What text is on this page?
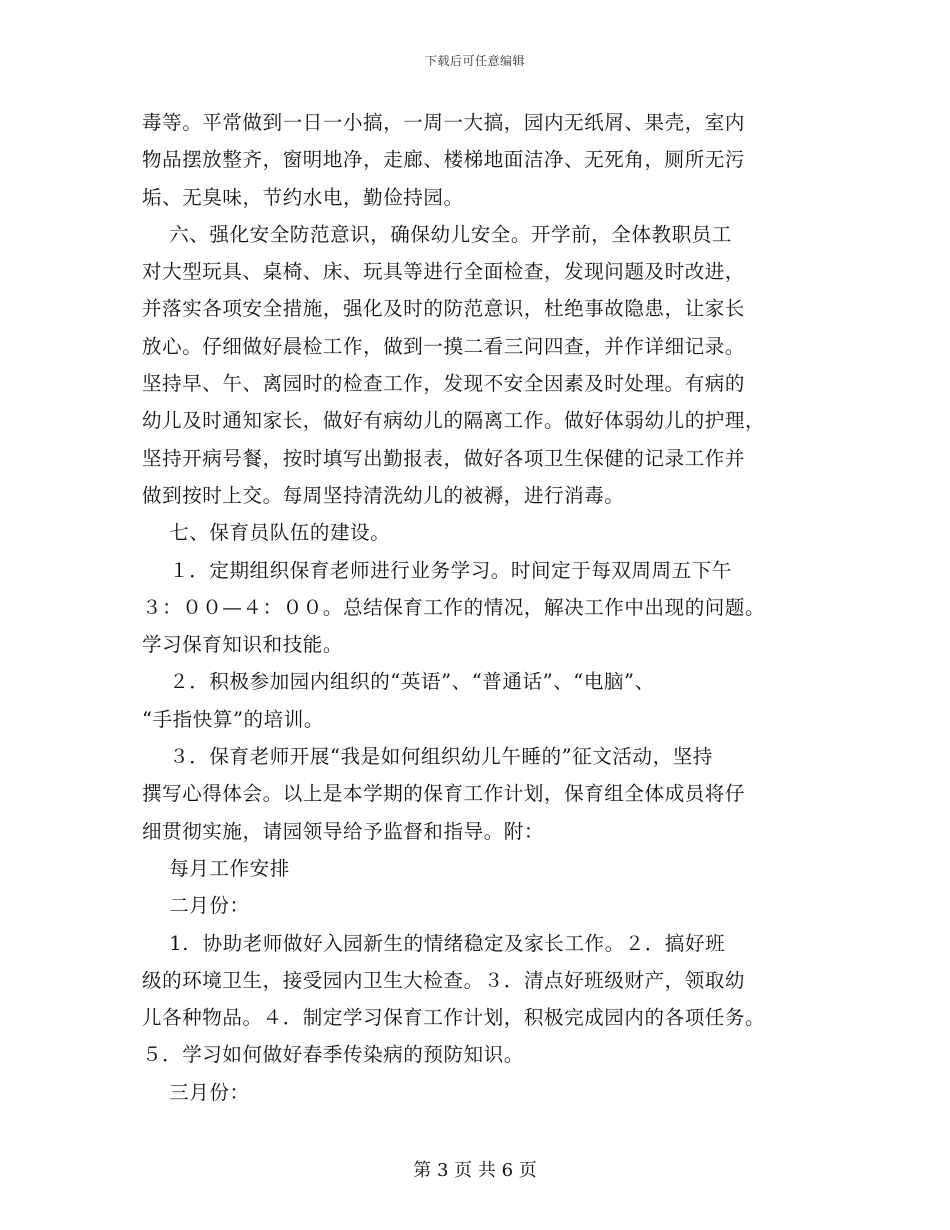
下载后可任意编辑
毒等。平常做到一日一小搞，一周一大搞，园内无纸屑、果壳，室内
物品摆放整齐，窗明地净，走廊、楼梯地面洁净、无死角，厕所无污
垢、无臭味，节约水电，勤俭持园。
六、强化安全防范意识，确保幼儿安全。开学前，全体教职员工
对大型玩具、桌椅、床、玩具等进行全面检查，发现问题及时改进，
并落实各项安全措施，强化及时的防范意识，杜绝事故隐患，让家长
放心。仔细做好晨检工作，做到一摸二看三问四查，并作详细记录。
坚持早、午、离园时的检查工作，发现不安全因素及时处理。有病的
幼儿及时通知家长，做好有病幼儿的隔离工作。做好体弱幼儿的护理，
坚持开病号餐，按时填写出勤报表，做好各项卫生保健的记录工作并
做到按时上交。每周坚持清洗幼儿的被褥，进行消毒。
七、保育员队伍的建设。
１．定期组织保育老师进行业务学习。时间定于每双周周五下午
３：００—４：００。总结保育工作的情况，解决工作中出现的问题。
学习保育知识和技能。
２．积极参加园内组织的“英语”、“普通话”、“电脑”、
“手指快算”的培训。
３．保育老师开展“我是如何组织幼儿午睡的”征文活动，坚持
撰写心得体会。以上是本学期的保育工作计划，保育组全体成员将仔
细贯彻实施，请园领导给予监督和指导。附：
每月工作安排
二月份：
1.  协助老师做好入园新生的情绪稳定及家长工作。２．搞好班
级的环境卫生，接受园内卫生大检查。３．清点好班级财产，领取幼
儿各种物品。４．制定学习保育工作计划，积极完成园内的各项任务。
５．学习如何做好春季传染病的预防知识。
三月份：
第 3 页 共 6 页
